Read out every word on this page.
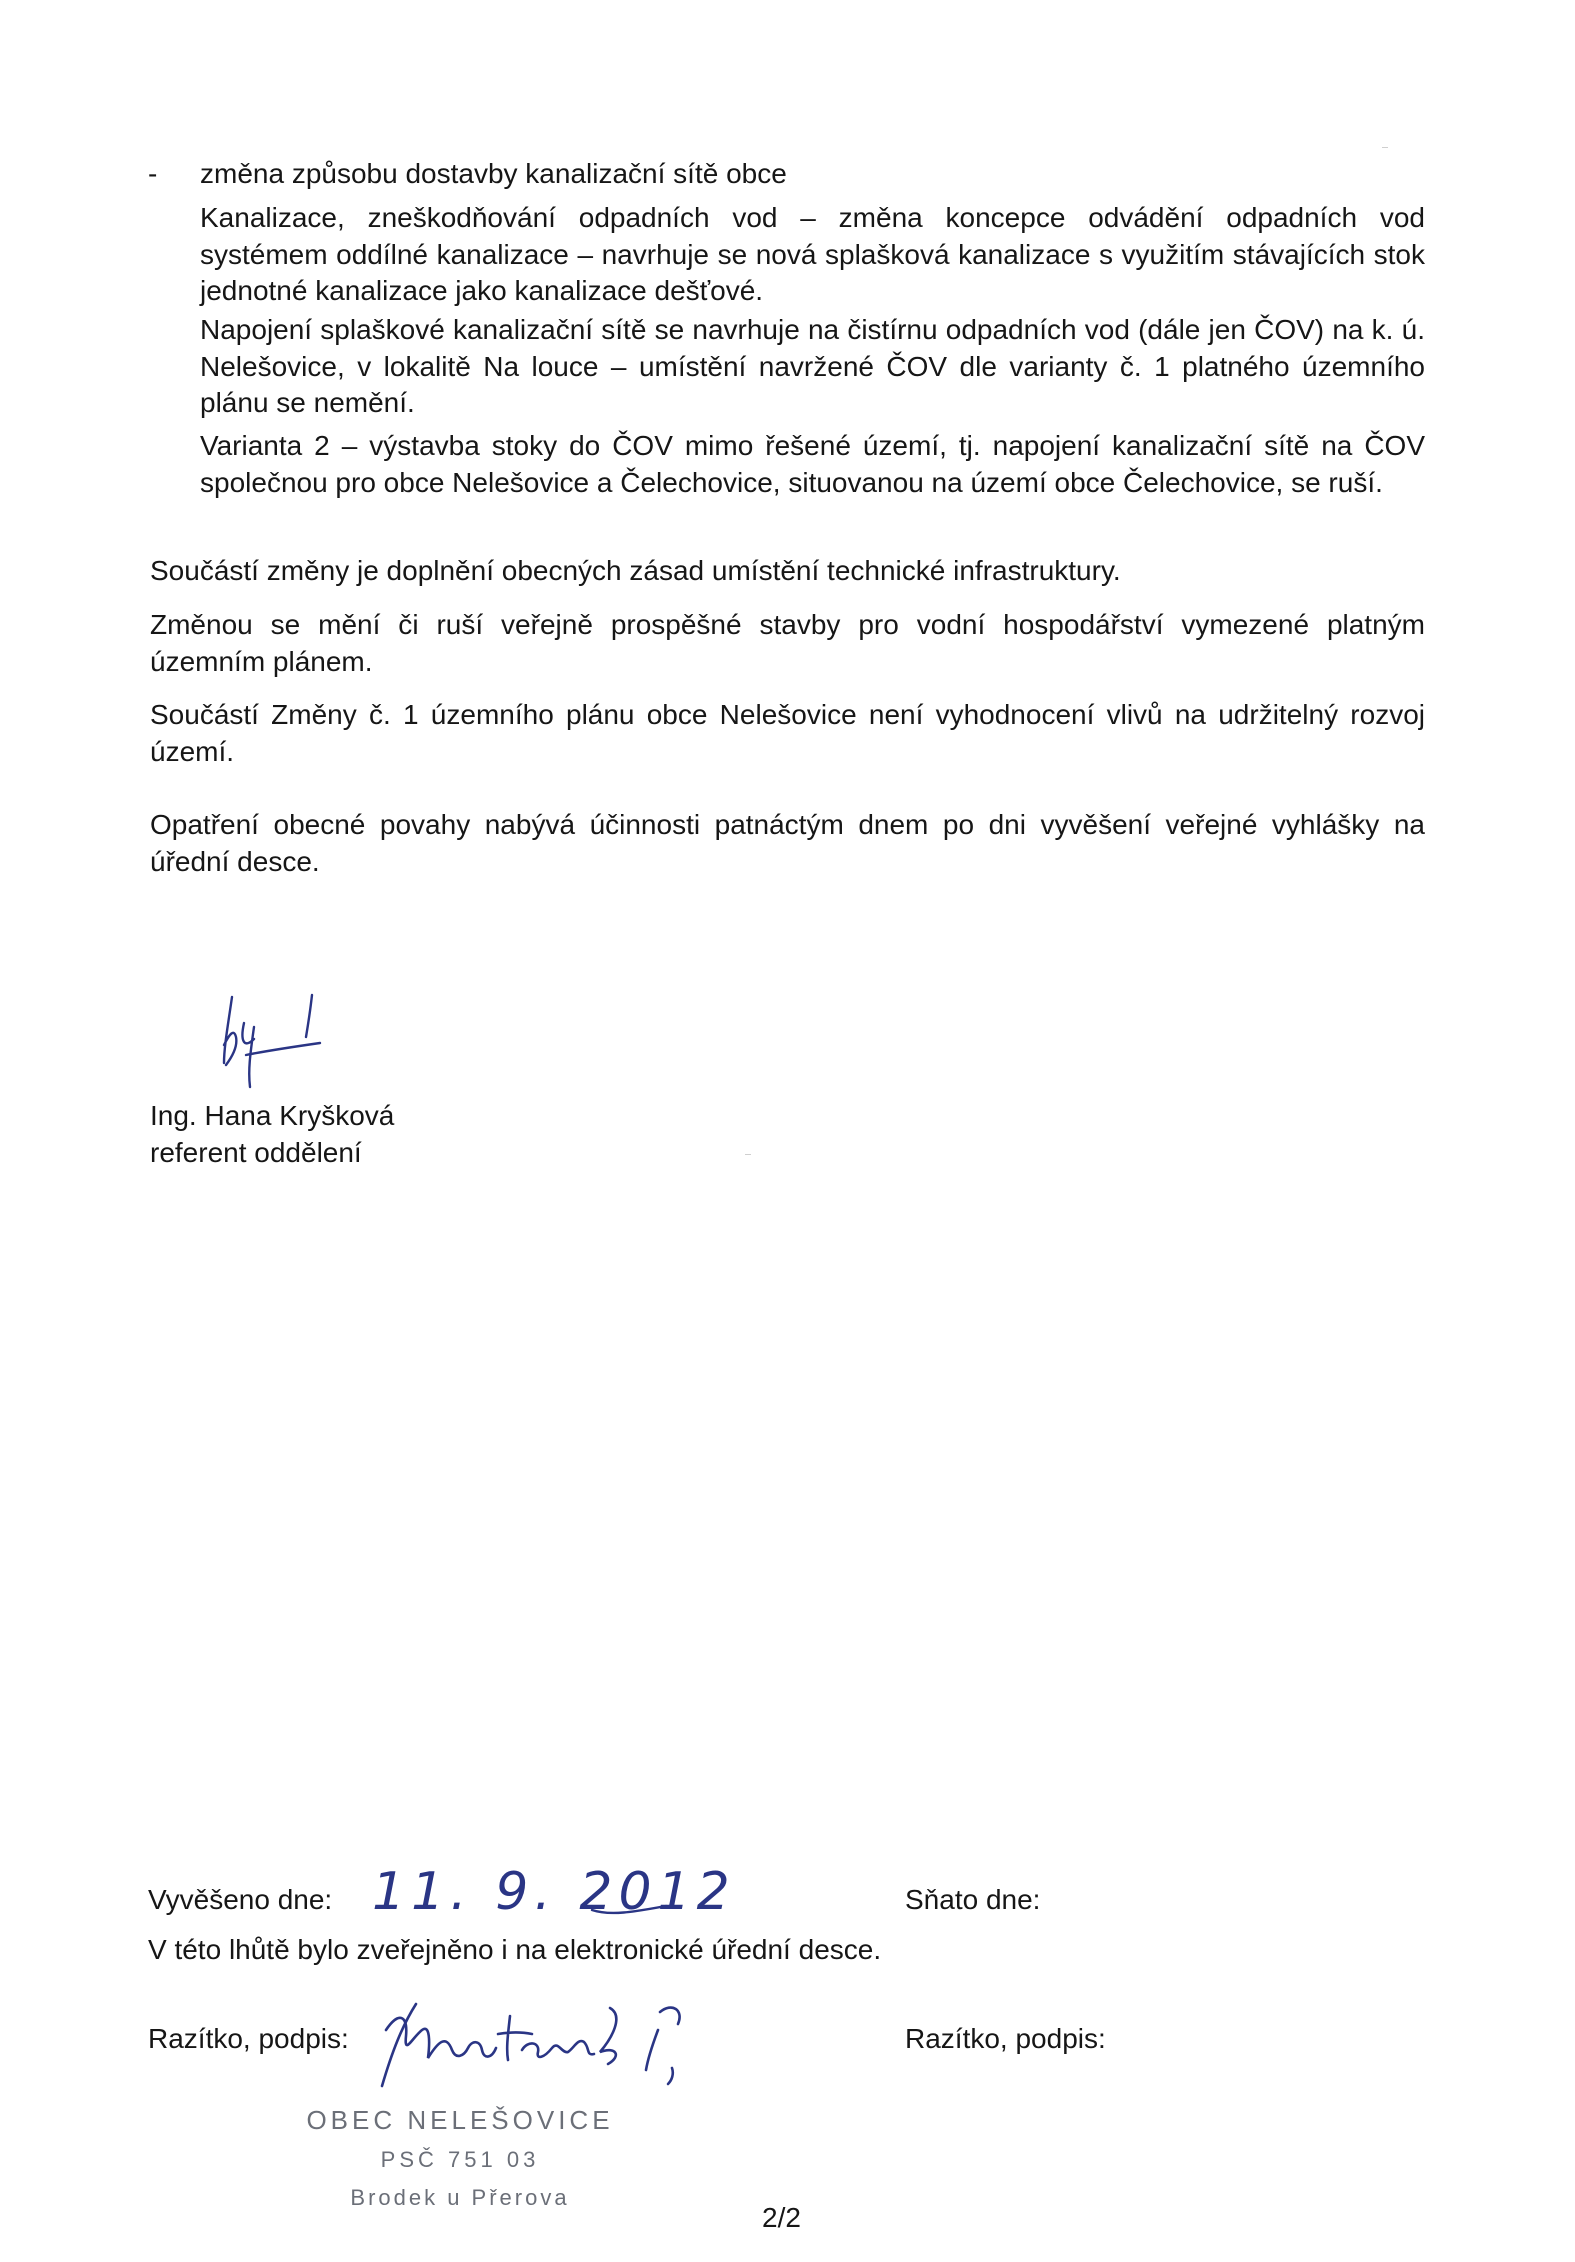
- změna způsobu dostavby kanalizační sítě obce
Kanalizace, zneškodňování odpadních vod – změna koncepce odvádění odpadních vod systémem oddílné kanalizace – navrhuje se nová splašková kanalizace s využitím stávajících stok jednotné kanalizace jako kanalizace dešťové.
Napojení splaškové kanalizační sítě se navrhuje na čistírnu odpadních vod (dále jen ČOV) na k. ú. Nelešovice, v lokalitě Na louce – umístění navržené ČOV dle varianty č. 1 platného územního plánu se nemění.
Varianta 2 – výstavba stoky do ČOV mimo řešené území, tj. napojení kanalizační sítě na ČOV společnou pro obce Nelešovice a Čelechovice, situovanou na území obce Čelechovice, se ruší.
Součástí změny je doplnění obecných zásad umístění technické infrastruktury.
Změnou se mění či ruší veřejně prospěšné stavby pro vodní hospodářství vymezené platným územním plánem.
Součástí Změny č. 1 územního plánu obce Nelešovice není vyhodnocení vlivů na udržitelný rozvoj území.
Opatření obecné povahy nabývá účinnosti patnáctým dnem po dni vyvěšení veřejné vyhlášky na úřední desce.
Ing. Hana Kryšková
referent oddělení
Vyvěšeno dne: 11. 9. 2012	Sňato dne:
V této lhůtě bylo zveřejněno i na elektronické úřední desce.
Razítko, podpis:	Razítko, podpis:
OBEC NELEŠOVICE
PSČ 751 03
Brodek u Přerova
2/2
